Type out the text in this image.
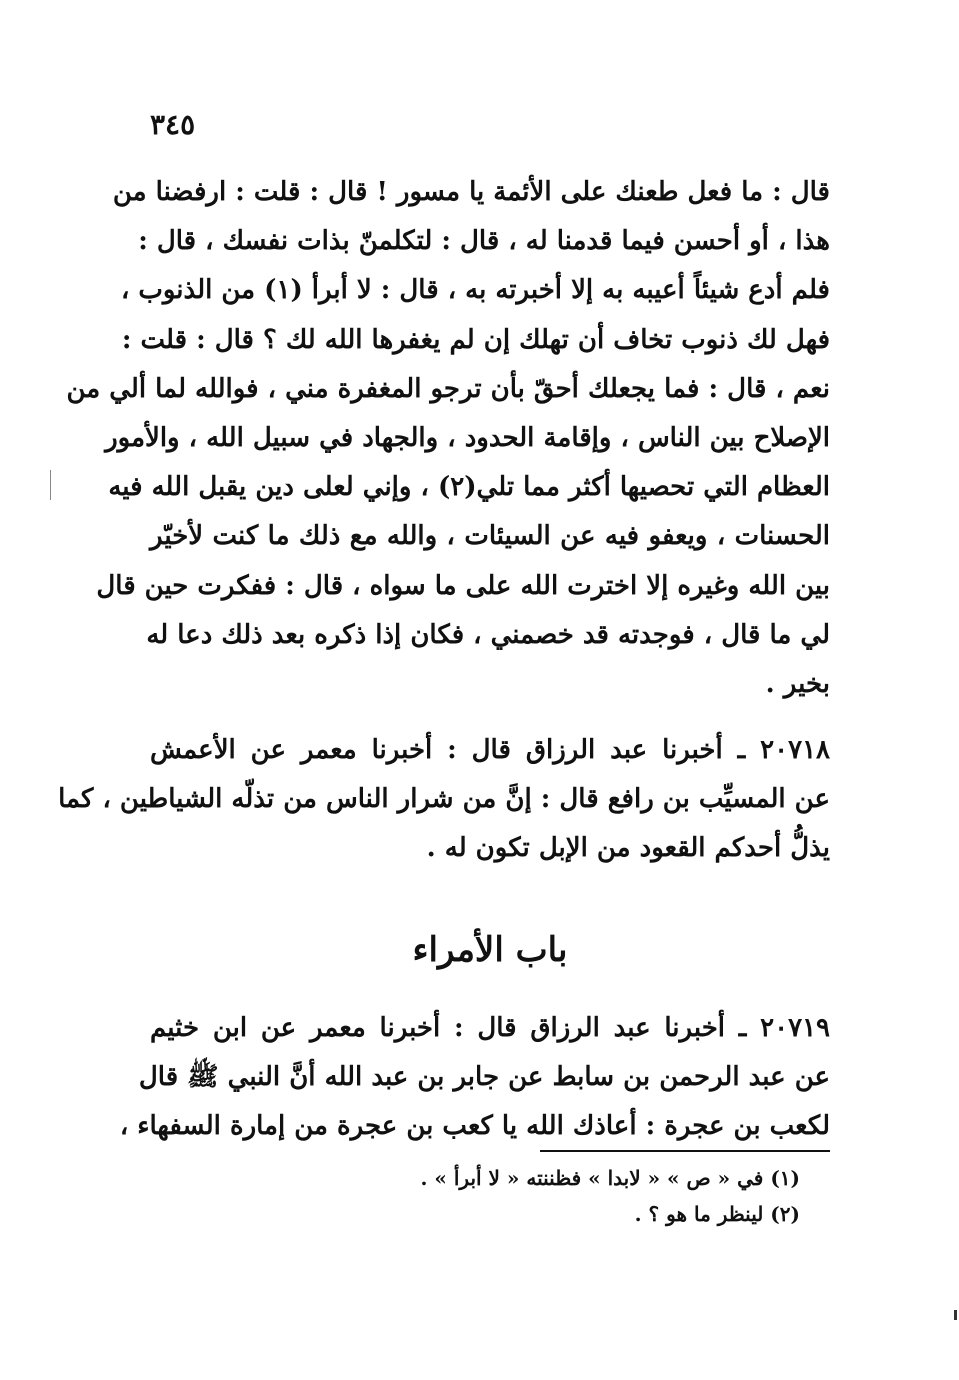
٣٤٥
قال : ما فعل طعنك على الأئمة يا مسور ! قال : قلت : ارفضنا من
هذا ، أو أحسن فيما قدمنا له ، قال : لتكلمنّ بذات نفسك ، قال :
فلم أدع شيئاً أعيبه به إلا أخبرته به ، قال : لا أبرأ (١) من الذنوب ،
فهل لك ذنوب تخاف أن تهلك إن لم يغفرها الله لك ؟ قال : قلت :
نعم ، قال : فما يجعلك أحقّ بأن ترجو المغفرة مني ، فوالله لما ألي من
الإصلاح بين الناس ، وإقامة الحدود ، والجهاد في سبيل الله ، والأمور
العظام التي تحصيها أكثر مما تلي(٢) ، وإني لعلى دين يقبل الله فيه
الحسنات ، ويعفو فيه عن السيئات ، والله مع ذلك ما كنت لأخيّر
بين الله وغيره إلا اخترت الله على ما سواه ، قال : ففكرت حين قال
لي ما قال ، فوجدته قد خصمني ، فكان إذا ذكره بعد ذلك دعا له
بخير .
٢٠٧١٨ ـ أخبرنا عبد الرزاق قال : أخبرنا معمر عن الأعمش
عن المسيِّب بن رافع قال : إنَّ من شرار الناس من تذلّه الشياطين ، كما
يذلُّ أحدكم القعود من الإبل تكون له .
باب الأمراء
٢٠٧١٩ ـ أخبرنا عبد الرزاق قال : أخبرنا معمر عن ابن خثيم
عن عبد الرحمن بن سابط عن جابر بن عبد الله أنَّ النبي ﷺ قال
لكعب بن عجرة : أعاذك الله يا كعب بن عجرة من إمارة السفهاء ،
(١) في « ص » « لابدا » فظننته « لا أبرأ » .
(٢) لينظر ما هو ؟ .
